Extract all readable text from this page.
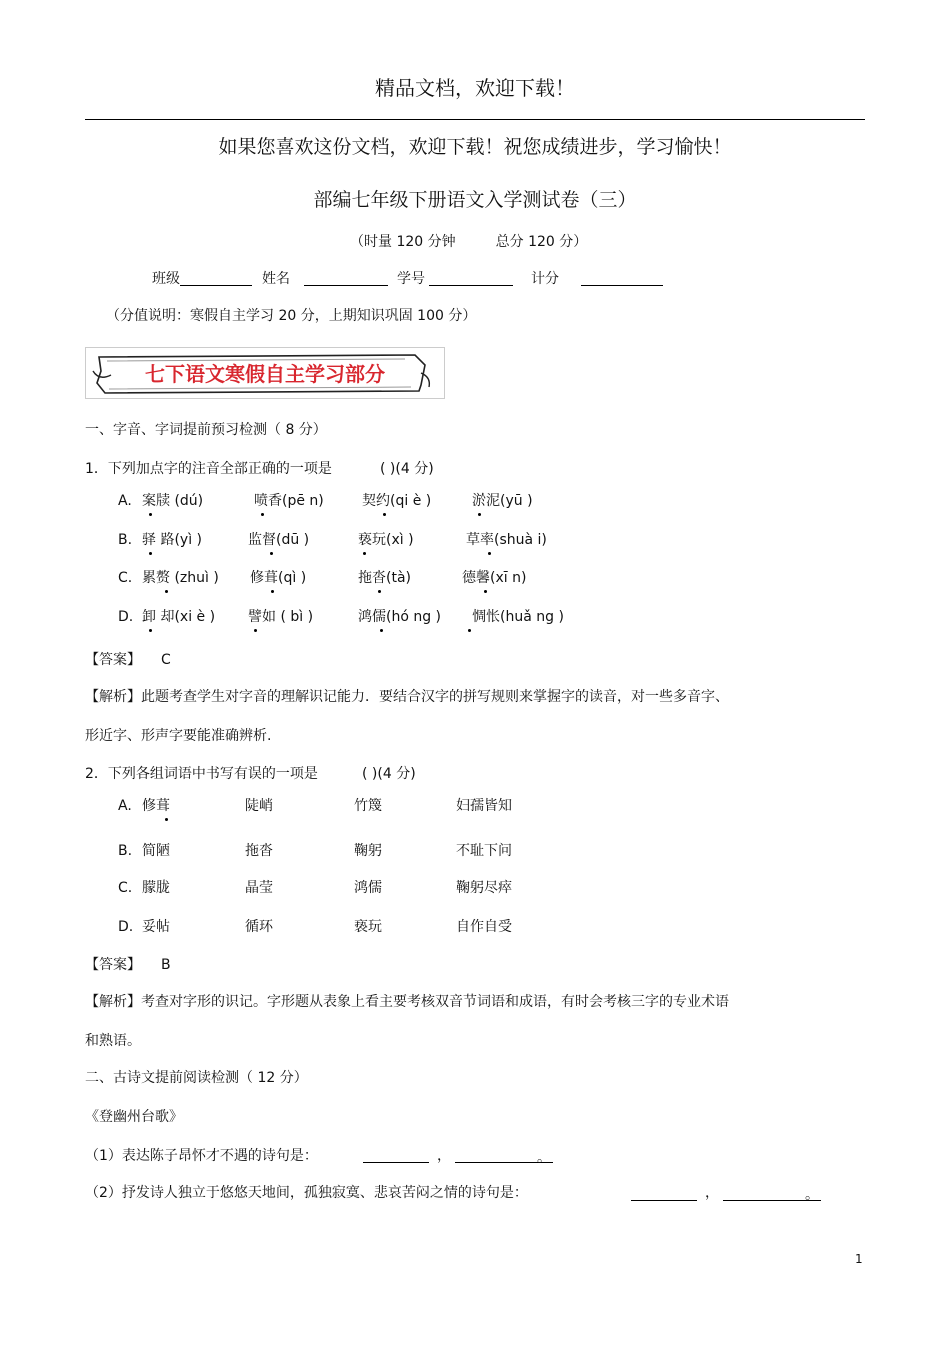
精品文档，欢迎下载！
如果您喜欢这份文档，欢迎下载！祝您成绩进步，学习愉快！
部编七年级下册语文入学测试卷（三）
（时量 120 分钟	总分 120 分）
班级	姓名	学号	计分
（分值说明：寒假自主学习 20 分，上期知识巩固 100 分）
七下语文寒假自主学习部分
一、字音、字词提前预习检测（ 8 分）
1．下列加点字的注音全部正确的一项是	( )(4 分)
A. 案牍 (dú)	喷香(pē n)	契约(qi è )	淤泥(yū )
B. 驿 路(yì )	监督(dū )	亵玩(xì )	草率(shuà i)
C. 累赘 (zhuì ) 修葺(qì )	拖沓(tà)	德馨(xī n)
D. 卸 却(xi è ) 譬如 ( bì )	鸿儒(hó ng ) 惆怅(huǎ ng )
【答案】 C
【解析】此题考查学生对字音的理解识记能力．要结合汉字的拼写规则来掌握字的读音，对一些多音字、
形近字、形声字要能准确辨析.
2．下列各组词语中书写有误的一项是	( )(4 分)
A. 修葺	陡峭	竹篾	妇孺皆知
B. 简陋	拖沓	鞠躬	不耻下问
C. 朦胧	晶莹	鸿儒	鞠躬尽瘁
D. 妥帖	循环	亵玩	自作自受
【答案】 B
【解析】考查对字形的识记。字形题从表象上看主要考核双音节词语和成语，有时会考核三字的专业术语
和熟语。
二、古诗文提前阅读检测（ 12 分）
《登幽州台歌》
（1）表达陈子昂怀才不遇的诗句是：	，	。
（2）抒发诗人独立于悠悠天地间，孤独寂寞、悲哀苦闷之情的诗句是：	，	。
1
